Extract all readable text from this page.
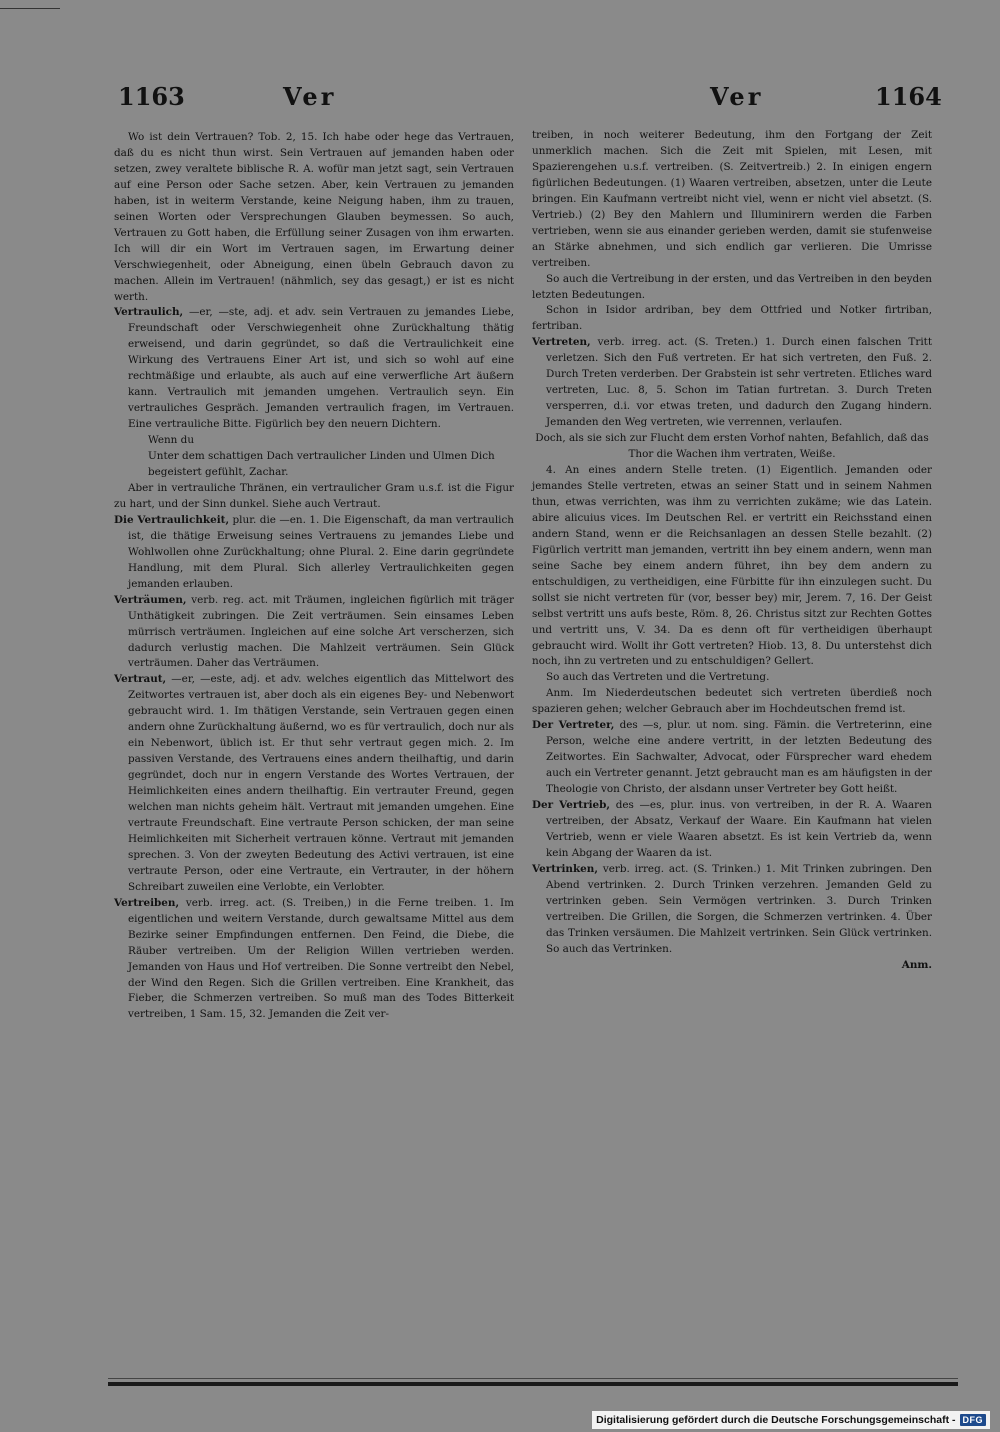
1163	Ver	Ver	1164
Wo ist dein Vertrauen? Tob. 2, 15. Ich habe oder hege das Vertrauen, daß du es nicht thun wirst. Sein Vertrauen auf jemanden haben oder setzen, zwey veraltete biblische R. A. wofür man jetzt sagt, sein Vertrauen auf eine Person oder Sache setzen. Aber, kein Vertrauen zu jemanden haben, ist in weiterm Verstande, keine Neigung haben, ihm zu trauen, seinen Worten oder Versprechungen Glauben beymessen. So auch, Vertrauen zu Gott haben, die Erfüllung seiner Zusagen von ihm erwarten. Ich will dir ein Wort im Vertrauen sagen, im Erwartung deiner Verschwiegenheit, oder Abneigung, einen übeln Gebrauch davon zu machen. Allein im Vertrauen! (nähmlich, sey das gesagt,) er ist es nicht werth.
Vertraulich, —er, —ste, adj. et adv. sein Vertrauen zu jemandes Liebe, Freundschaft oder Verschwiegenheit ohne Zurückhaltung thätig erweisend, und darin gegründet, so daß die Vertraulichkeit eine Wirkung des Vertrauens Einer Art ist, und sich so wohl auf eine rechtmäßige und erlaubte, als auch auf eine verwerfliche Art äußern kann. Vertraulich mit jemanden umgehen. Vertraulich seyn. Ein vertrauliches Gespräch. Jemanden vertraulich fragen, im Vertrauen. Eine vertrauliche Bitte. Figürlich bey den neuern Dichtern.
Wenn du
Unter dem schattigen Dach vertraulicher Linden und Ulmen Dich begeistert gefühlt, Zachar.
Aber in vertrauliche Thränen, ein vertraulicher Gram u.s.f. ist die Figur zu hart, und der Sinn dunkel. Siehe auch Vertraut.
Die Vertraulichkeit, plur. die —en. 1. Die Eigenschaft, da man vertraulich ist, die thätige Erweisung seines Vertrauens zu jemandes Liebe und Wohlwollen ohne Zurückhaltung; ohne Plural. 2. Eine darin gegründete Handlung, mit dem Plural. Sich allerley Vertraulichkeiten gegen jemanden erlauben.
Verträumen, verb. reg. act. mit Träumen, ingleichen figürlich mit träger Unthätigkeit zubringen. Die Zeit verträumen. Sein einsames Leben mürrisch verträumen. Ingleichen auf eine solche Art verscherzen, sich dadurch verlustig machen. Die Mahlzeit verträumen. Sein Glück verträumen. Daher das Verträumen.
Vertraut, —er, —este, adj. et adv. welches eigentlich das Mittelwort des Zeitwortes vertrauen ist, aber doch als ein eigenes Bey- und Nebenwort gebraucht wird. 1. Im thätigen Verstande, sein Vertrauen gegen einen andern ohne Zurückhaltung äußernd, wo es für vertraulich, doch nur als ein Nebenwort, üblich ist. Er thut sehr vertraut gegen mich. 2. Im passiven Verstande, des Vertrauens eines andern theilhaftig, und darin gegründet, doch nur in engern Verstande des Wortes Vertrauen, der Heimlichkeiten eines andern theilhaftig. Ein vertrauter Freund, gegen welchen man nichts geheim hält. Vertraut mit jemanden umgehen. Eine vertraute Freundschaft. Eine vertraute Person schicken, der man seine Heimlichkeiten mit Sicherheit vertrauen könne. Vertraut mit jemanden sprechen. 3. Von der zweyten Bedeutung des Activi vertrauen, ist eine vertraute Person, oder eine Vertraute, ein Vertrauter, in der höhern Schreibart zuweilen eine Verlobte, ein Verlobter.
Vertreiben, verb. irreg. act. (S. Treiben,) in die Ferne treiben. 1. Im eigentlichen und weitern Verstande, durch gewaltsame Mittel aus dem Bezirke seiner Empfindungen entfernen. Den Feind, die Diebe, die Räuber vertreiben. Um der Religion Willen vertrieben werden. Jemanden von Haus und Hof vertreiben. Die Sonne vertreibt den Nebel, der Wind den Regen. Sich die Grillen vertreiben. Eine Krankheit, das Fieber, die Schmerzen vertreiben. So muß man des Todes Bitterkeit vertreiben, 1 Sam. 15, 32. Jemanden die Zeit ver-
treiben, in noch weiterer Bedeutung, ihm den Fortgang der Zeit unmerklich machen. Sich die Zeit mit Spielen, mit Lesen, mit Spazierengehen u.s.f. vertreiben. (S. Zeitvertreib.) 2. In einigen engern figürlichen Bedeutungen. (1) Waaren vertreiben, absetzen, unter die Leute bringen. Ein Kaufmann vertreibt nicht viel, wenn er nicht viel absetzt. (S. Vertrieb.) (2) Bey den Mahlern und Illuminirern werden die Farben vertrieben, wenn sie aus einander gerieben werden, damit sie stufenweise an Stärke abnehmen, und sich endlich gar verlieren. Die Umrisse vertreiben.
So auch die Vertreibung in der ersten, und das Vertreiben in den beyden letzten Bedeutungen.
Schon in Isidor ardriban, bey dem Ottfried und Notker firtriban, fertriban.
Vertreten, verb. irreg. act. (S. Treten.) 1. Durch einen falschen Tritt verletzen. Sich den Fuß vertreten. Er hat sich vertreten, den Fuß. 2. Durch Treten verderben. Der Grabstein ist sehr vertreten. Etliches ward vertreten, Luc. 8, 5. Schon im Tatian furtretan. 3. Durch Treten versperren, d.i. vor etwas treten, und dadurch den Zugang hindern. Jemanden den Weg vertreten, wie verrennen, verlaufen.
Doch, als sie sich zur Flucht dem ersten Vorhof nahten, Befahlich, daß das Thor die Wachen ihm vertraten, Weiße.
4. An eines andern Stelle treten. (1) Eigentlich. Jemanden oder jemandes Stelle vertreten, etwas an seiner Statt und in seinem Nahmen thun, etwas verrichten, was ihm zu verrichten zukäme; wie das Latein. abire alicuius vices. Im Deutschen Rel. er vertritt ein Reichsstand einen andern Stand, wenn er die Reichsanlagen an dessen Stelle bezahlt. (2) Figürlich vertritt man jemanden, vertritt ihn bey einem andern, wenn man seine Sache bey einem andern führet, ihn bey dem andern zu entschuldigen, zu vertheidigen, eine Fürbitte für ihn einzulegen sucht. Du sollst sie nicht vertreten für (vor, besser bey) mir, Jerem. 7, 16. Der Geist selbst vertritt uns aufs beste, Röm. 8, 26. Christus sitzt zur Rechten Gottes und vertritt uns, V. 34. Da es denn oft für vertheidigen überhaupt gebraucht wird. Wollt ihr Gott vertreten? Hiob. 13, 8. Du unterstehst dich noch, ihn zu vertreten und zu entschuldigen? Gellert.
So auch das Vertreten und die Vertretung.
Anm. Im Niederdeutschen bedeutet sich vertreten überdieß noch spazieren gehen; welcher Gebrauch aber im Hochdeutschen fremd ist.
Der Vertreter, des —s, plur. ut nom. sing. Fämin. die Vertreterinn, eine Person, welche eine andere vertritt, in der letzten Bedeutung des Zeitwortes. Ein Sachwalter, Advocat, oder Fürsprecher ward ehedem auch ein Vertreter genannt. Jetzt gebraucht man es am häufigsten in der Theologie von Christo, der alsdann unser Vertreter bey Gott heißt.
Der Vertrieb, des —es, plur. inus. von vertreiben, in der R. A. Waaren vertreiben, der Absatz, Verkauf der Waare. Ein Kaufmann hat vielen Vertrieb, wenn er viele Waaren absetzt. Es ist kein Vertrieb da, wenn kein Abgang der Waaren da ist.
Vertrinken, verb. irreg. act. (S. Trinken.) 1. Mit Trinken zubringen. Den Abend vertrinken. 2. Durch Trinken verzehren. Jemanden Geld zu vertrinken geben. Sein Vermögen vertrinken. 3. Durch Trinken vertreiben. Die Grillen, die Sorgen, die Schmerzen vertrinken. 4. Über das Trinken versäumen. Die Mahlzeit vertrinken. Sein Glück vertrinken. So auch das Vertrinken.
Anm.
Digitalisierung gefördert durch die Deutsche Forschungsgemeinschaft - DFG
